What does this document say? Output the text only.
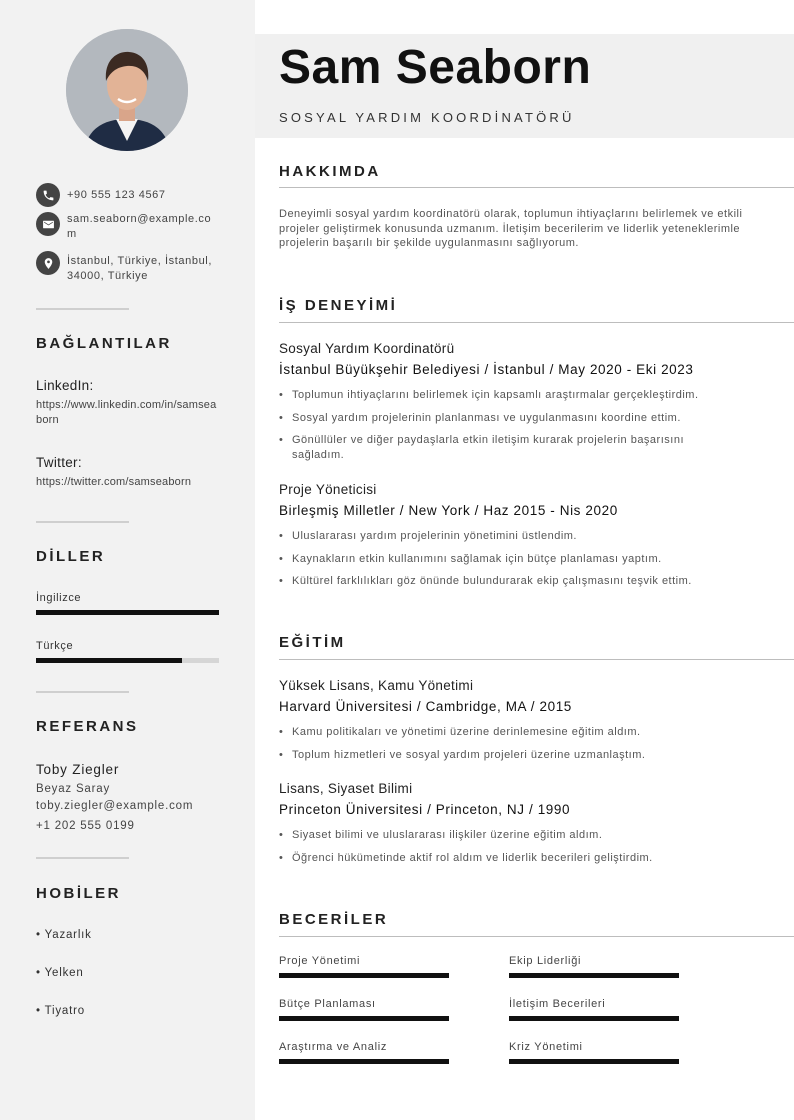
+90 555 123 4567
sam.seaborn@example.com
İstanbul, Türkiye, İstanbul, 34000, Türkiye
BAĞLANTILAR
LinkedIn:
https://www.linkedin.com/in/samseaborn
Twitter:
https://twitter.com/samseaborn
DİLLER
İngilizce
Türkçe
REFERANS
Toby Ziegler
Beyaz Saray
toby.ziegler@example.com
+1 202 555 0199
HOBİLER
• Yazarlık
• Yelken
• Tiyatro
Sam Seaborn
SOSYAL YARDIM KOORDİNATÖRÜ
HAKKIMDA
Deneyimli sosyal yardım koordinatörü olarak, toplumun ihtiyaçlarını belirlemek ve etkili projeler geliştirmek konusunda uzmanım. İletişim becerilerim ve liderlik yeteneklerimle projelerin başarılı bir şekilde uygulanmasını sağlıyorum.
İŞ DENEYİMİ
Sosyal Yardım Koordinatörü
İstanbul Büyükşehir Belediyesi / İstanbul / May 2020 - Eki 2023
• Toplumun ihtiyaçlarını belirlemek için kapsamlı araştırmalar gerçekleştirdim.
• Sosyal yardım projelerinin planlanması ve uygulanmasını koordine ettim.
• Gönüllüler ve diğer paydaşlarla etkin iletişim kurarak projelerin başarısını sağladım.
Proje Yöneticisi
Birleşmiş Milletler / New York / Haz 2015 - Nis 2020
• Uluslararası yardım projelerinin yönetimini üstlendim.
• Kaynakların etkin kullanımını sağlamak için bütçe planlaması yaptım.
• Kültürel farklılıkları göz önünde bulundurarak ekip çalışmasını teşvik ettim.
EĞİTİM
Yüksek Lisans, Kamu Yönetimi
Harvard Üniversitesi / Cambridge, MA / 2015
• Kamu politikaları ve yönetimi üzerine derinlemesine eğitim aldım.
• Toplum hizmetleri ve sosyal yardım projeleri üzerine uzmanlaştım.
Lisans, Siyaset Bilimi
Princeton Üniversitesi / Princeton, NJ / 1990
• Siyaset bilimi ve uluslararası ilişkiler üzerine eğitim aldım.
• Öğrenci hükümetinde aktif rol aldım ve liderlik becerileri geliştirdim.
BECERİLER
Proje Yönetimi	Ekip Liderliği
Bütçe Planlaması	İletişim Becerileri
Araştırma ve Analiz	Kriz Yönetimi
